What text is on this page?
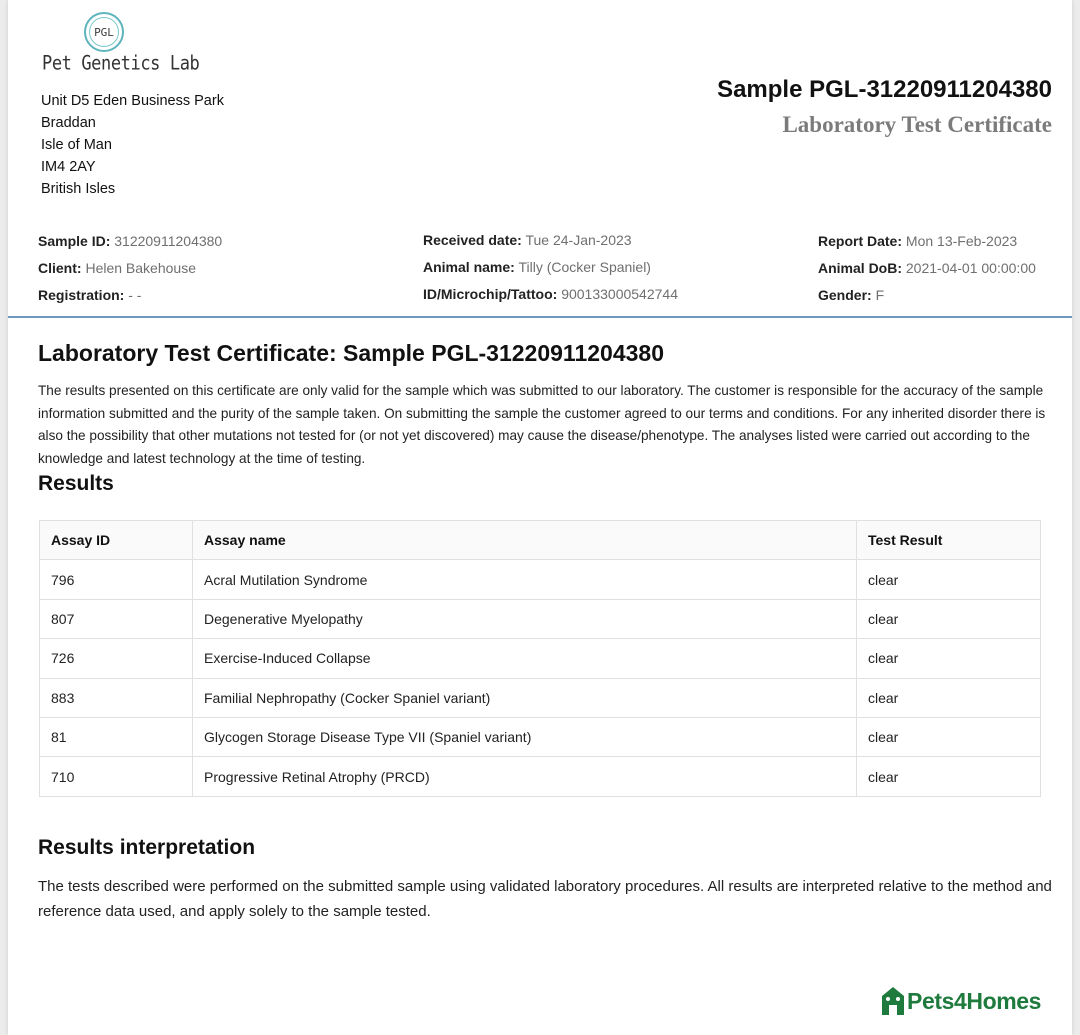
PGL
Pet Genetics Lab
Unit D5 Eden Business Park
Braddan
Isle of Man
IM4 2AY
British Isles
Sample PGL-31220911204380
Laboratory Test Certificate
Sample ID: 31220911204380
Client: Helen Bakehouse
Registration: - -
Received date: Tue 24-Jan-2023
Animal name: Tilly (Cocker Spaniel)
ID/Microchip/Tattoo: 900133000542744
Report Date: Mon 13-Feb-2023
Animal DoB: 2021-04-01 00:00:00
Gender: F
Laboratory Test Certificate: Sample PGL-31220911204380

The results presented on this certificate are only valid for the sample which was submitted to our laboratory. The customer is responsible for the accuracy of the sample information submitted and the purity of the sample taken. On submitting the sample the customer agreed to our terms and conditions. For any inherited disorder there is also the possibility that other mutations not tested for (or not yet discovered) may cause the disease/phenotype. The analyses listed were carried out according to the knowledge and latest technology at the time of testing.

Results
Assay ID	Assay name	Test Result
796	Acral Mutilation Syndrome	clear
807	Degenerative Myelopathy	clear
726	Exercise-Induced Collapse	clear
883	Familial Nephropathy (Cocker Spaniel variant)	clear
81	Glycogen Storage Disease Type VII (Spaniel variant)	clear
710	Progressive Retinal Atrophy (PRCD)	clear
Results interpretation

The tests described were performed on the submitted sample using validated laboratory procedures. All results are interpreted relative to the method and reference data used, and apply solely to the sample tested.

Pets4Homes
